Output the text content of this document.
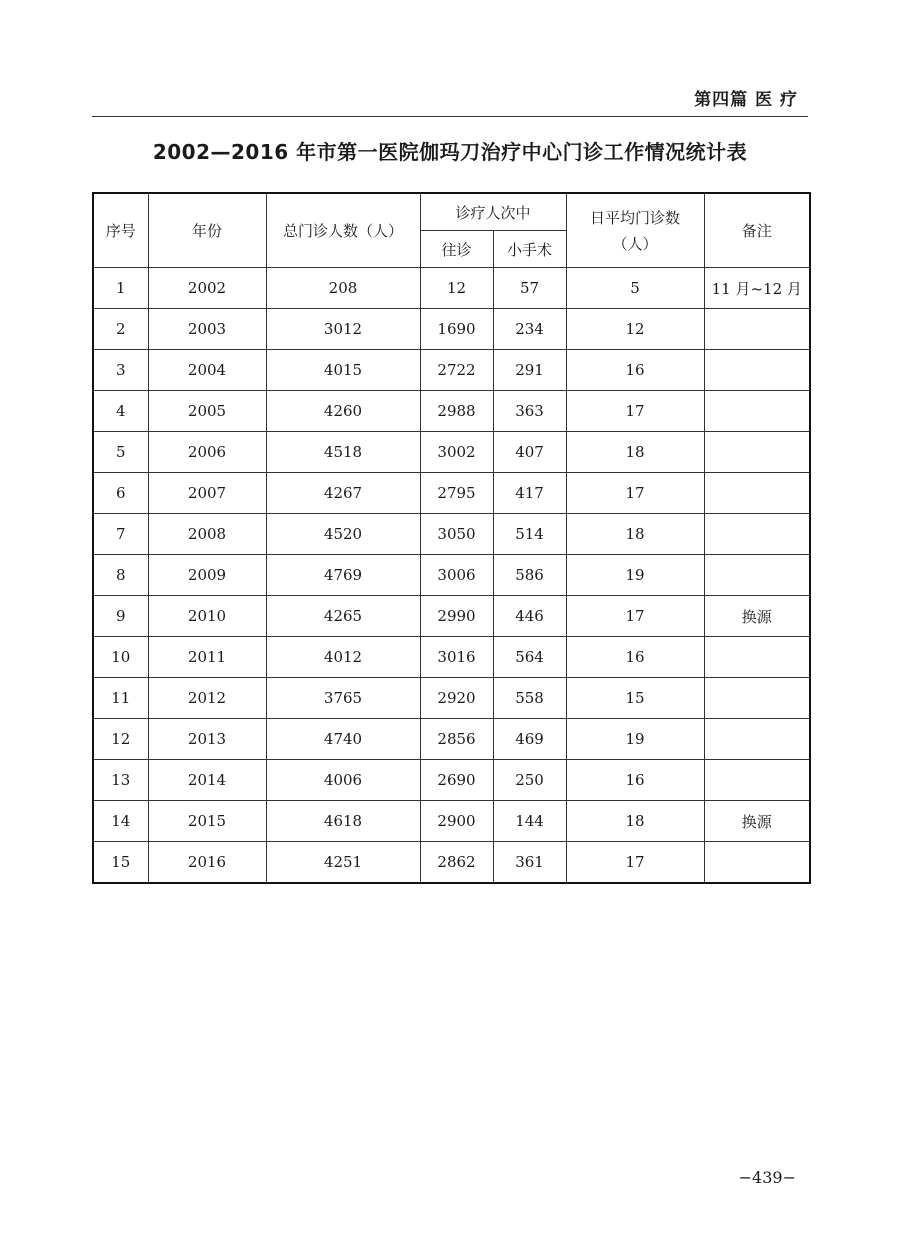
第四篇 医 疗
2002—2016 年市第一医院伽玛刀治疗中心门诊工作情况统计表
序号	年份	总门诊人数（人）	诊疗人次中		日平均门诊数（人）	备注
			往诊	小手术		
1	2002	208	12	57	5	11 月~12 月
2	2003	3012	1690	234	12	
3	2004	4015	2722	291	16	
4	2005	4260	2988	363	17	
5	2006	4518	3002	407	18	
6	2007	4267	2795	417	17	
7	2008	4520	3050	514	18	
8	2009	4769	3006	586	19	
9	2010	4265	2990	446	17	换源
10	2011	4012	3016	564	16	
11	2012	3765	2920	558	15	
12	2013	4740	2856	469	19	
13	2014	4006	2690	250	16	
14	2015	4618	2900	144	18	换源
15	2016	4251	2862	361	17	
−439−
